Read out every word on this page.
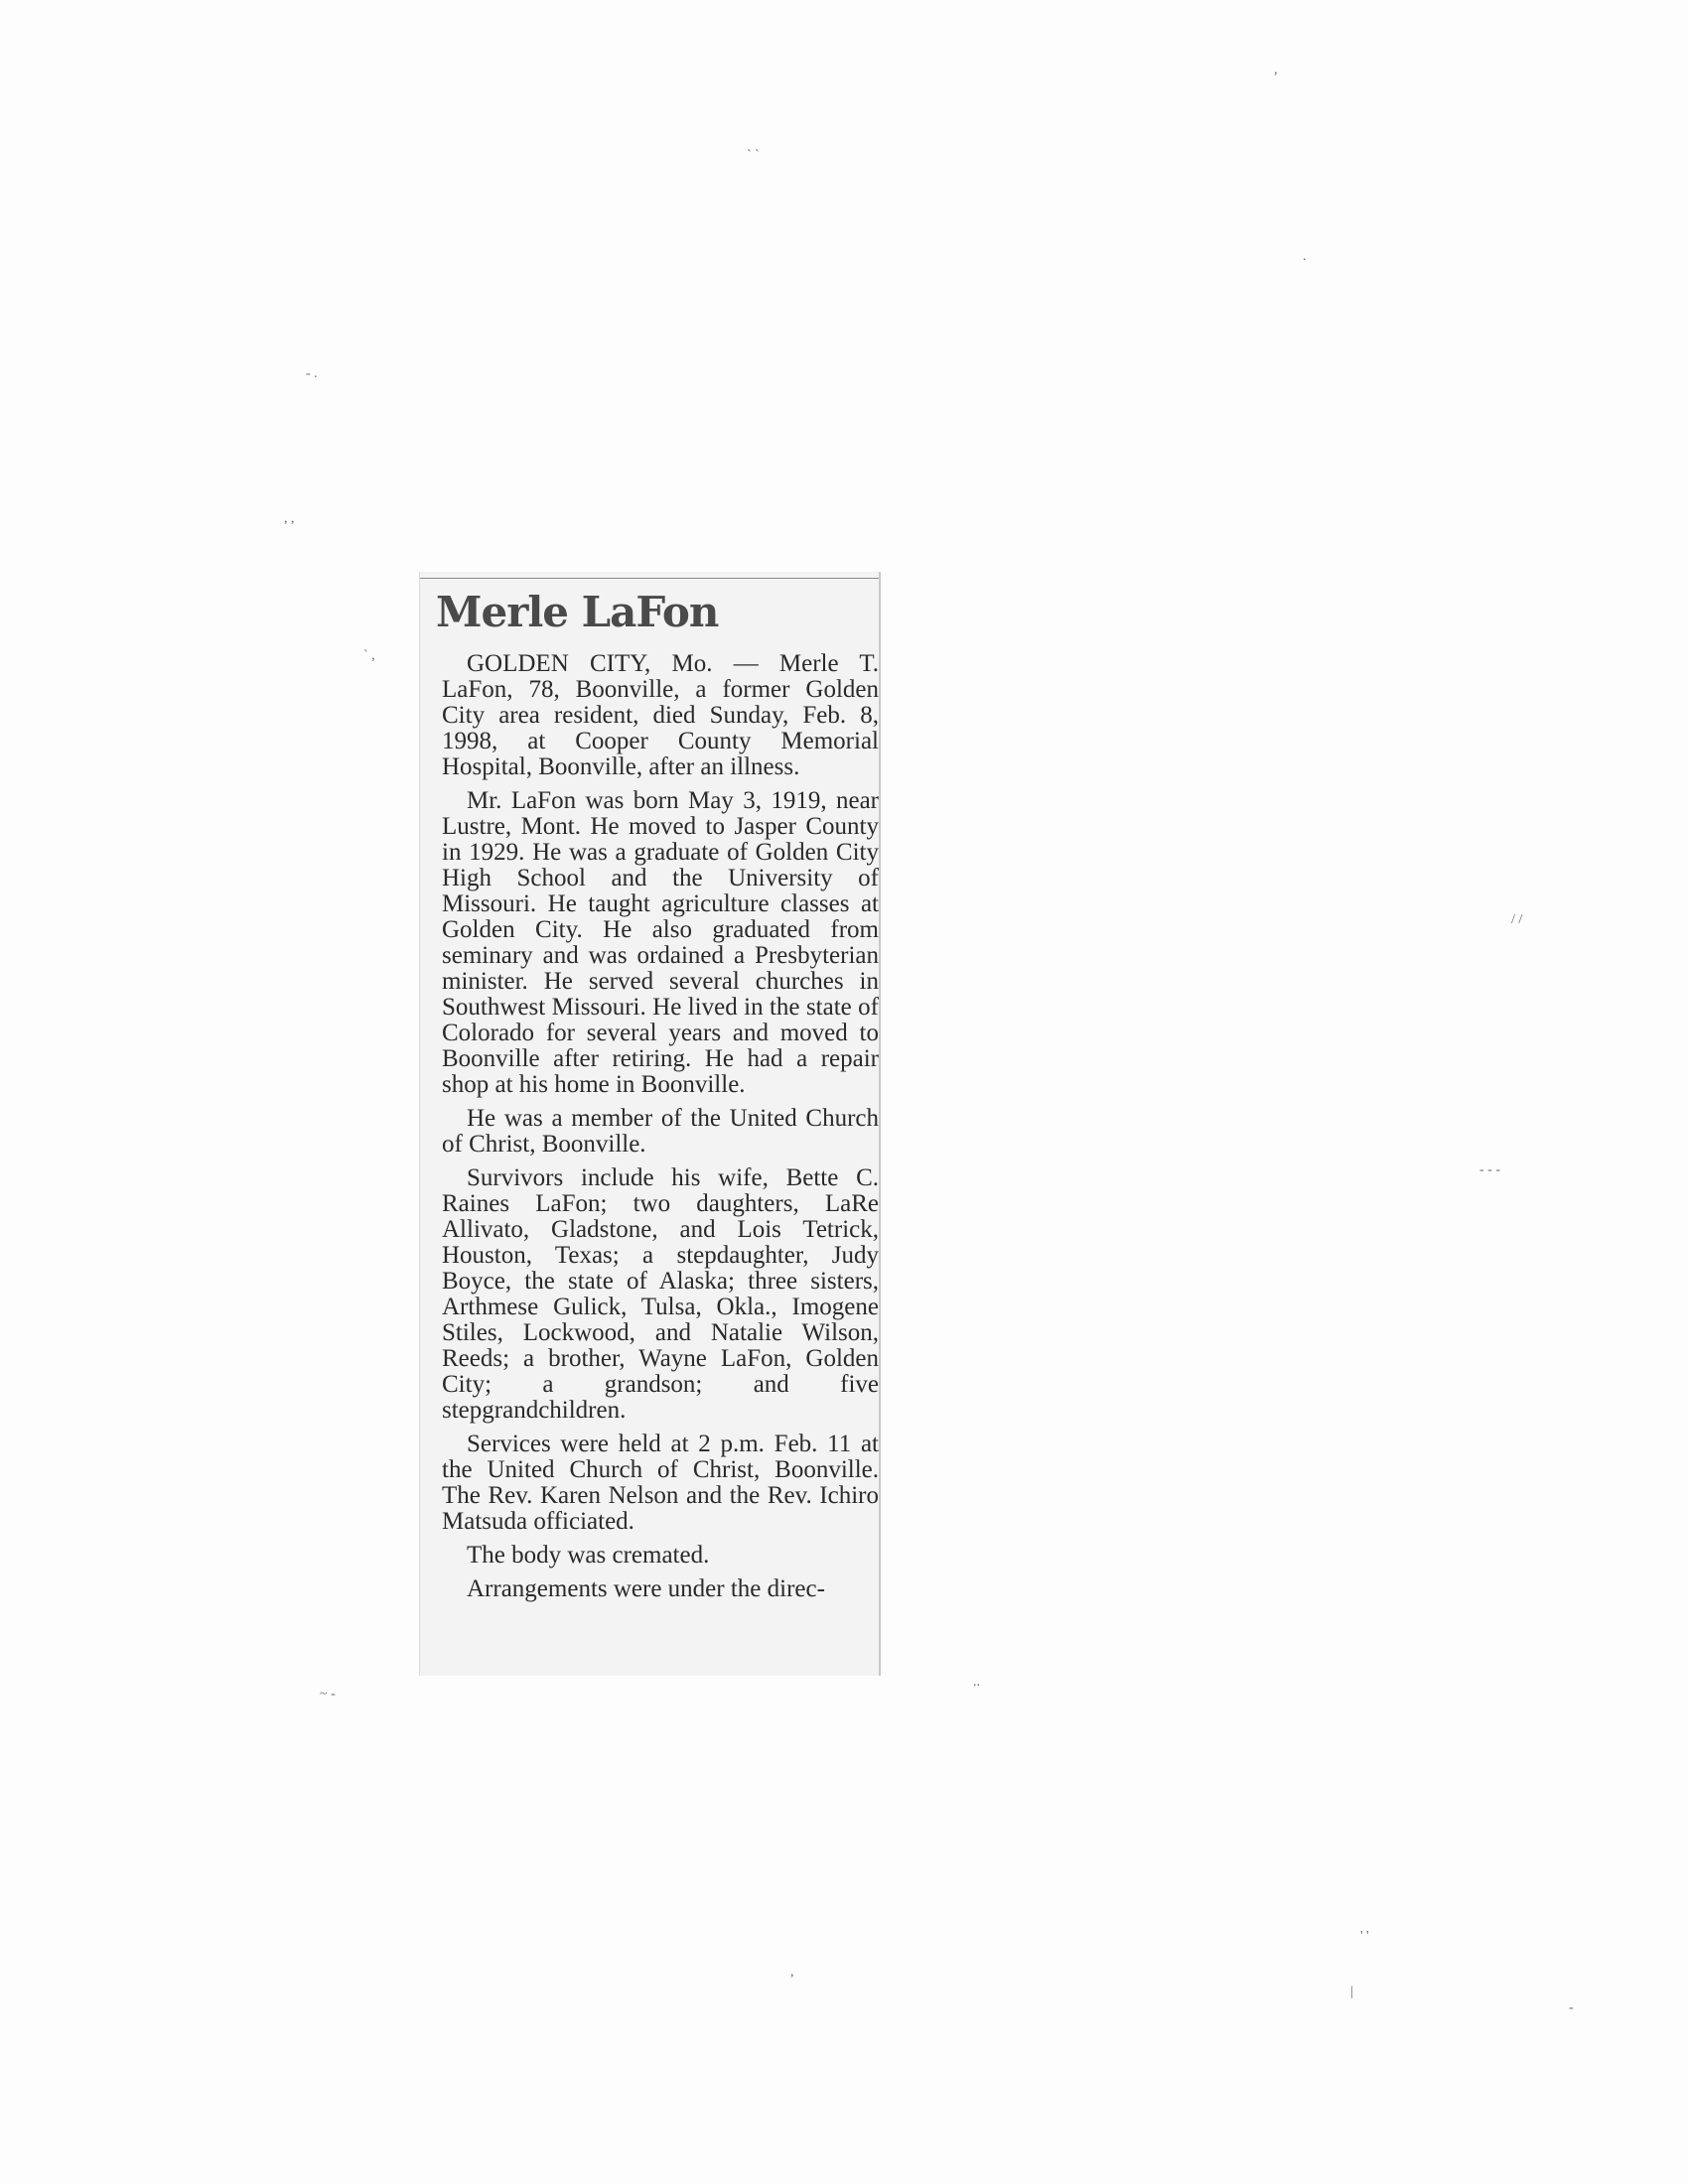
` `
,
.
- .
, ,
` ,
/ /
- - -
~ -
..
' '
,
|
-
Merle LaFon

GOLDEN CITY, Mo. — Merle T. LaFon, 78, Boonville, a former Golden City area resident, died Sunday, Feb. 8, 1998, at Cooper County Memorial Hospital, Boonville, after an illness.

Mr. LaFon was born May 3, 1919, near Lustre, Mont. He moved to Jasper County in 1929. He was a graduate of Golden City High School and the University of Missouri. He taught agriculture classes at Golden City. He also graduated from seminary and was ordained a Presbyterian minister. He served several churches in Southwest Missouri. He lived in the state of Colorado for several years and moved to Boonville after retiring. He had a repair shop at his home in Boonville.

He was a member of the United Church of Christ, Boonville.

Survivors include his wife, Bette C. Raines LaFon; two daughters, LaRe Allivato, Gladstone, and Lois Tetrick, Houston, Texas; a stepdaughter, Judy Boyce, the state of Alaska; three sisters, Arthmese Gulick, Tulsa, Okla., Imogene Stiles, Lockwood, and Natalie Wilson, Reeds; a brother, Wayne LaFon, Golden City; a grandson; and five stepgrandchildren.

Services were held at 2 p.m. Feb. 11 at the United Church of Christ, Boonville. The Rev. Karen Nelson and the Rev. Ichiro Matsuda officiated.

The body was cremated.

Arrangements were under the direc-
